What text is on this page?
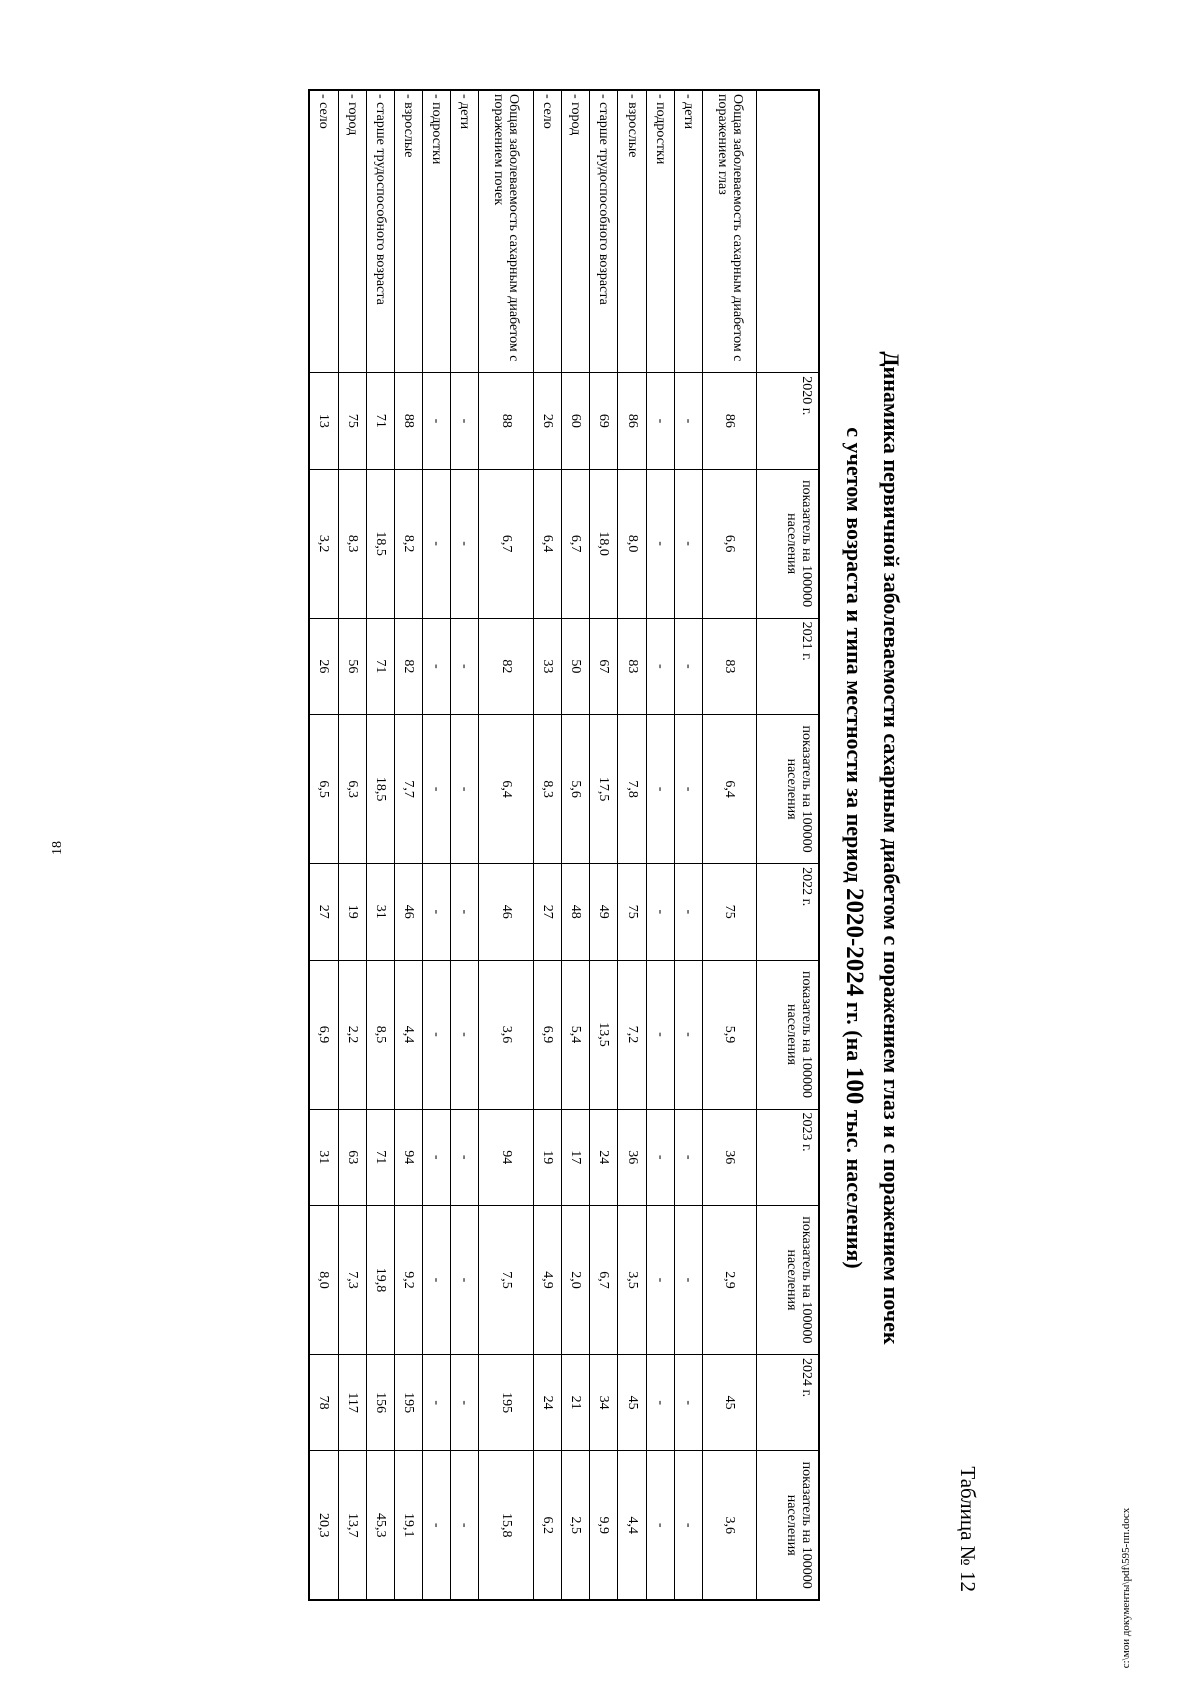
18
Таблица № 12
Динамика первичной заболеваемости сахарным диабетом с поражением глаз и с поражением почек
с учетом возраста и типа местности за период 2020-2024 гг. (на 100 тыс. населения)
	2020 г.	показатель на 100000 населения	2021 г.	показатель на 100000 населения	2022 г.	показатель на 100000 населения	2023 г.	показатель на 100000 населения	2024 г.	показатель на 100000 населения
Общая заболеваемость сахарным диабетом с поражением глаз	86	6,6	83	6,4	75	5,9	36	2,9	45	3,6
- дети	-	-	-	-	-	-	-	-	-	-
- подростки	-	-	-	-	-	-	-	-	-	-
- взрослые	86	8,0	83	7,8	75	7,2	36	3,5	45	4,4
- старше трудоспособного возраста	69	18,0	67	17,5	49	13,5	24	6,7	34	9,9
- город	60	6,7	50	5,6	48	5,4	17	2,0	21	2,5
- село	26	6,4	33	8,3	27	6,9	19	4,9	24	6,2
Общая заболеваемость сахарным диабетом с поражением почек	88	6,7	82	6,4	46	3,6	94	7,5	195	15,8
- дети	-	-	-	-	-	-	-	-	-	-
- подростки	-	-	-	-	-	-	-	-	-	-
- взрослые	88	8,2	82	7,7	46	4,4	94	9,2	195	19,1
- старше трудоспособного возраста	71	18,5	71	18,5	31	8,5	71	19,8	156	45,3
- город	75	8,3	56	6,3	19	2,2	63	7,3	117	13,7
- село	13	3,2	26	6,5	27	6,9	31	8,0	78	20,3	c:\мои документы\pdf\595-пп.docx
